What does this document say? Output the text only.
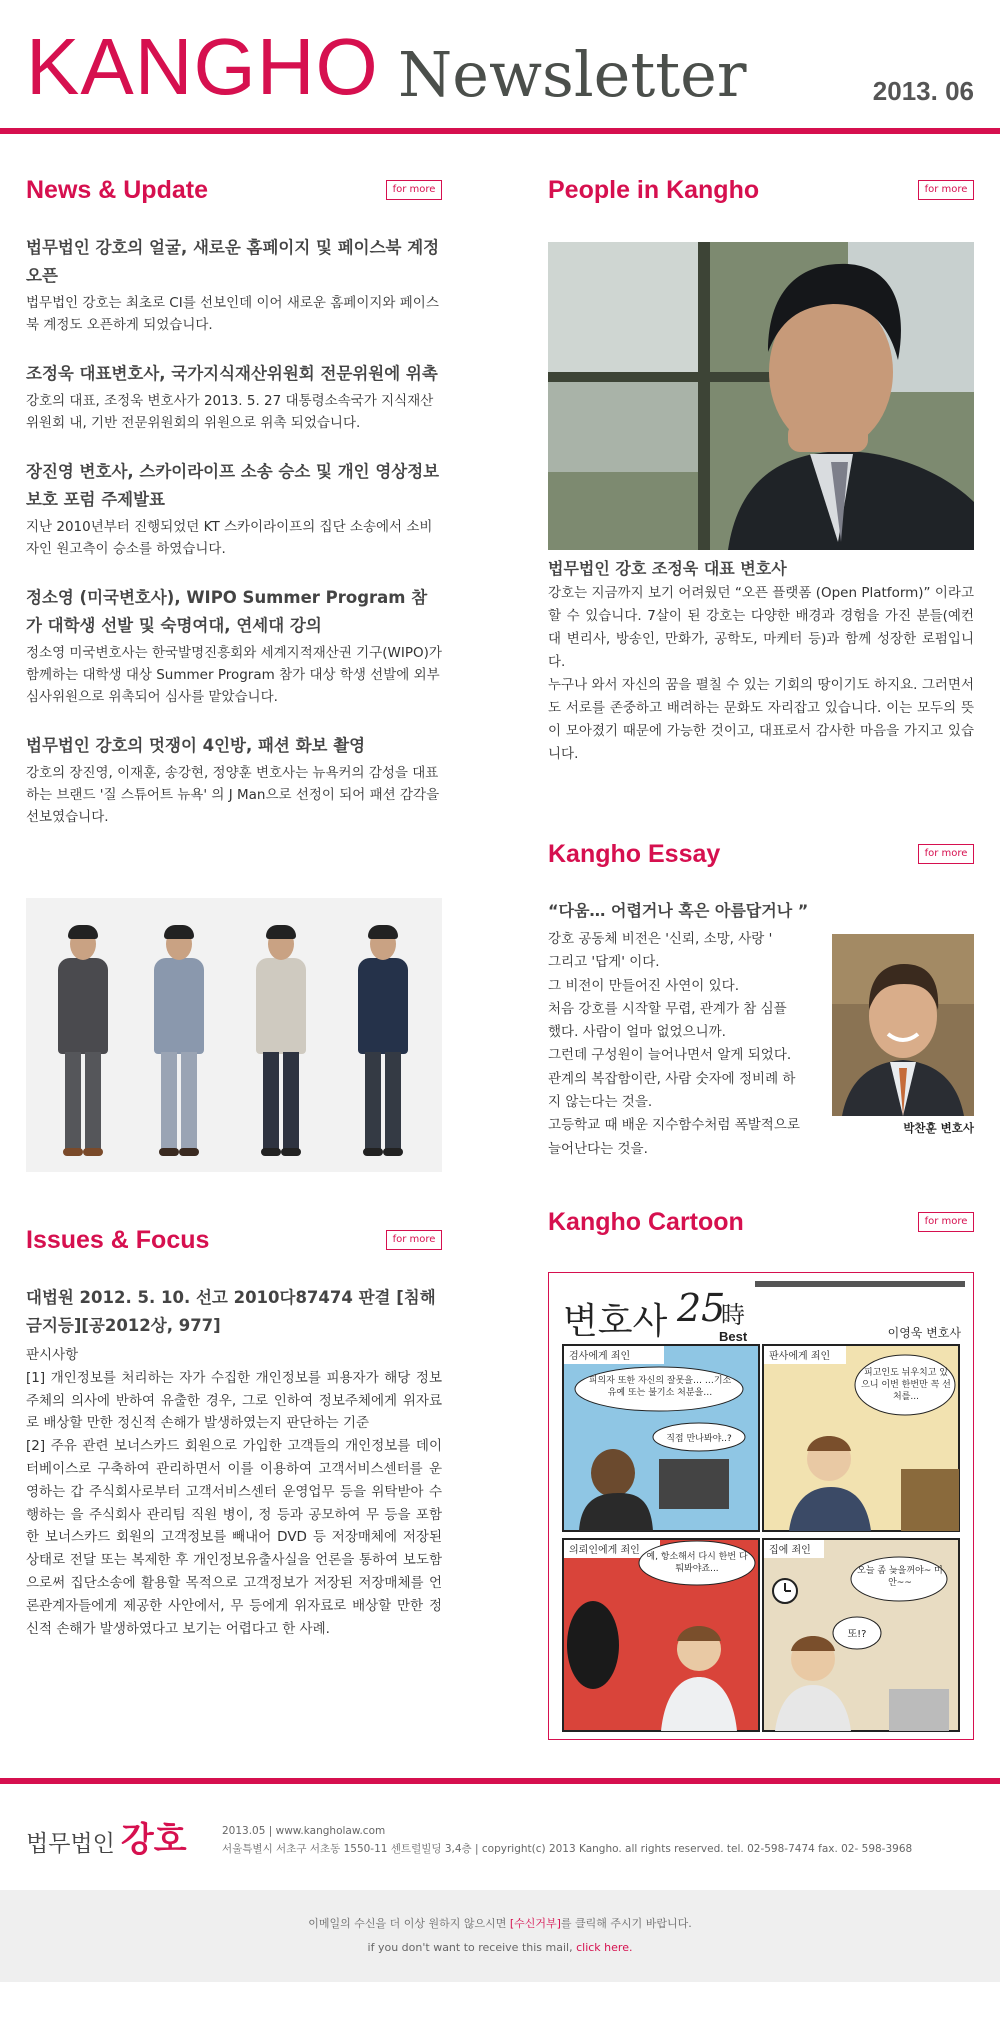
KANGHO Newsletter	2013. 06
News & Update	for more
법무법인 강호의 얼굴, 새로운 홈페이지 및 페이스북 계정 오픈
법무법인 강호는 최초로 CI를 선보인데 이어 새로운 홈페이지와 페이스북 계정도 오픈하게 되었습니다.
조정욱 대표변호사, 국가지식재산위원회 전문위원에 위촉
강호의 대표, 조정욱 변호사가 2013. 5. 27 대통령소속국가 지식재산위원회 내, 기반 전문위원회의 위원으로 위촉 되었습니다.
장진영 변호사, 스카이라이프 소송 승소 및 개인 영상정보 보호 포럼 주제발표
지난 2010년부터 진행되었던 KT 스카이라이프의 집단 소송에서 소비자인 원고측이 승소를 하였습니다.
정소영 (미국변호사), WIPO Summer Program 참가 대학생 선발 및 숙명여대, 연세대 강의
정소영 미국변호사는 한국발명진흥회와 세계지적재산권 기구(WIPO)가 함께하는 대학생 대상 Summer Program 참가 대상 학생 선발에 외부 심사위원으로 위촉되어 심사를 맡았습니다.
법무법인 강호의 멋쟁이 4인방, 패션 화보 촬영
강호의 장진영, 이재훈, 송강현, 정양훈 변호사는 뉴욕커의 감성을 대표하는 브랜드 '질 스튜어트 뉴욕' 의 J Man으로 선정이 되어 패션 감각을 선보였습니다.
Issues & Focus	for more
대법원 2012. 5. 10. 선고 2010다87474 판결 [침해금지등][공2012상, 977]
판시사항
[1] 개인정보를 처리하는 자가 수집한 개인정보를 피용자가 해당 정보주체의 의사에 반하여 유출한 경우, 그로 인하여 정보주체에게 위자료로 배상할 만한 정신적 손해가 발생하였는지 판단하는 기준
[2] 주유 관련 보너스카드 회원으로 가입한 고객들의 개인정보를 데이터베이스로 구축하여 관리하면서 이를 이용하여 고객서비스센터를 운영하는 갑 주식회사로부터 고객서비스센터 운영업무 등을 위탁받아 수행하는 을 주식회사 관리팀 직원 병이, 정 등과 공모하여 무 등을 포함한 보너스카드 회원의 고객정보를 빼내어 DVD 등 저장매체에 저장된 상태로 전달 또는 복제한 후 개인정보유출사실을 언론을 통하여 보도함으로써 집단소송에 활용할 목적으로 고객정보가 저장된 저장매체를 언론관계자들에게 제공한 사안에서, 무 등에게 위자료로 배상할 만한 정신적 손해가 발생하였다고 보기는 어렵다고 한 사례.
People in Kangho	for more
법무법인 강호 조정욱 대표 변호사
강호는 지금까지 보기 어려웠던 “오픈 플랫폼 (Open Platform)” 이라고 할 수 있습니다. 7살이 된 강호는 다양한 배경과 경험을 가진 분들(예컨대 변리사, 방송인, 만화가, 공학도, 마케터 등)과 함께 성장한 로펌입니다.
누구나 와서 자신의 꿈을 펼칠 수 있는 기회의 땅이기도 하지요. 그러면서도 서로를 존중하고 배려하는 문화도 자리잡고 있습니다. 이는 모두의 뜻이 모아졌기 때문에 가능한 것이고, 대표로서 감사한 마음을 가지고 있습니다.
Kangho Essay	for more
“다움… 어렵거나 혹은 아름답거나 ”
강호 공동체 비전은 '신뢰, 소망, 사랑 '
그리고 '답게' 이다.
그 비전이 만들어진 사연이 있다.
처음 강호를 시작할 무렵, 관계가 참 심플
했다. 사람이 얼마 없었으니까.
그런데 구성원이 늘어나면서 알게 되었다.
관계의 복잡함이란, 사람 숫자에 정비례 하
지 않는다는 것을.
고등학교 때 배운 지수함수처럼 폭발적으로
늘어난다는 것을.
박찬훈 변호사
Kangho Cartoon	for more
변호사 25
時
Best	이영욱 변호사
검사에게 죄인
피의자 또한 자신의 잘못을… …기소유예 또는 불기소 처분을…
직접 만나봐야..?
판사에게 죄인
피고인도 뉘우치고 있으니 이번 한번만 꼭 선처를...
의뢰인에게 죄인
예, 항소해서 다시 한번 다퉈봐야죠...
집에 죄인
오늘 좀 늦을꺼야~ 미안~~
또!?
법무법인 강호	2013.05 | www.kangholaw.com
서울특별시 서초구 서초동 1550-11 센트럴빌딩 3,4층 | copyright(c) 2013 Kangho. all rights reserved. tel. 02-598-7474 fax. 02- 598-3968

이메일의 수신을 더 이상 원하지 않으시면 [수신거부]를 클릭해 주시기 바랍니다.

if you don't want to receive this mail, click here.
